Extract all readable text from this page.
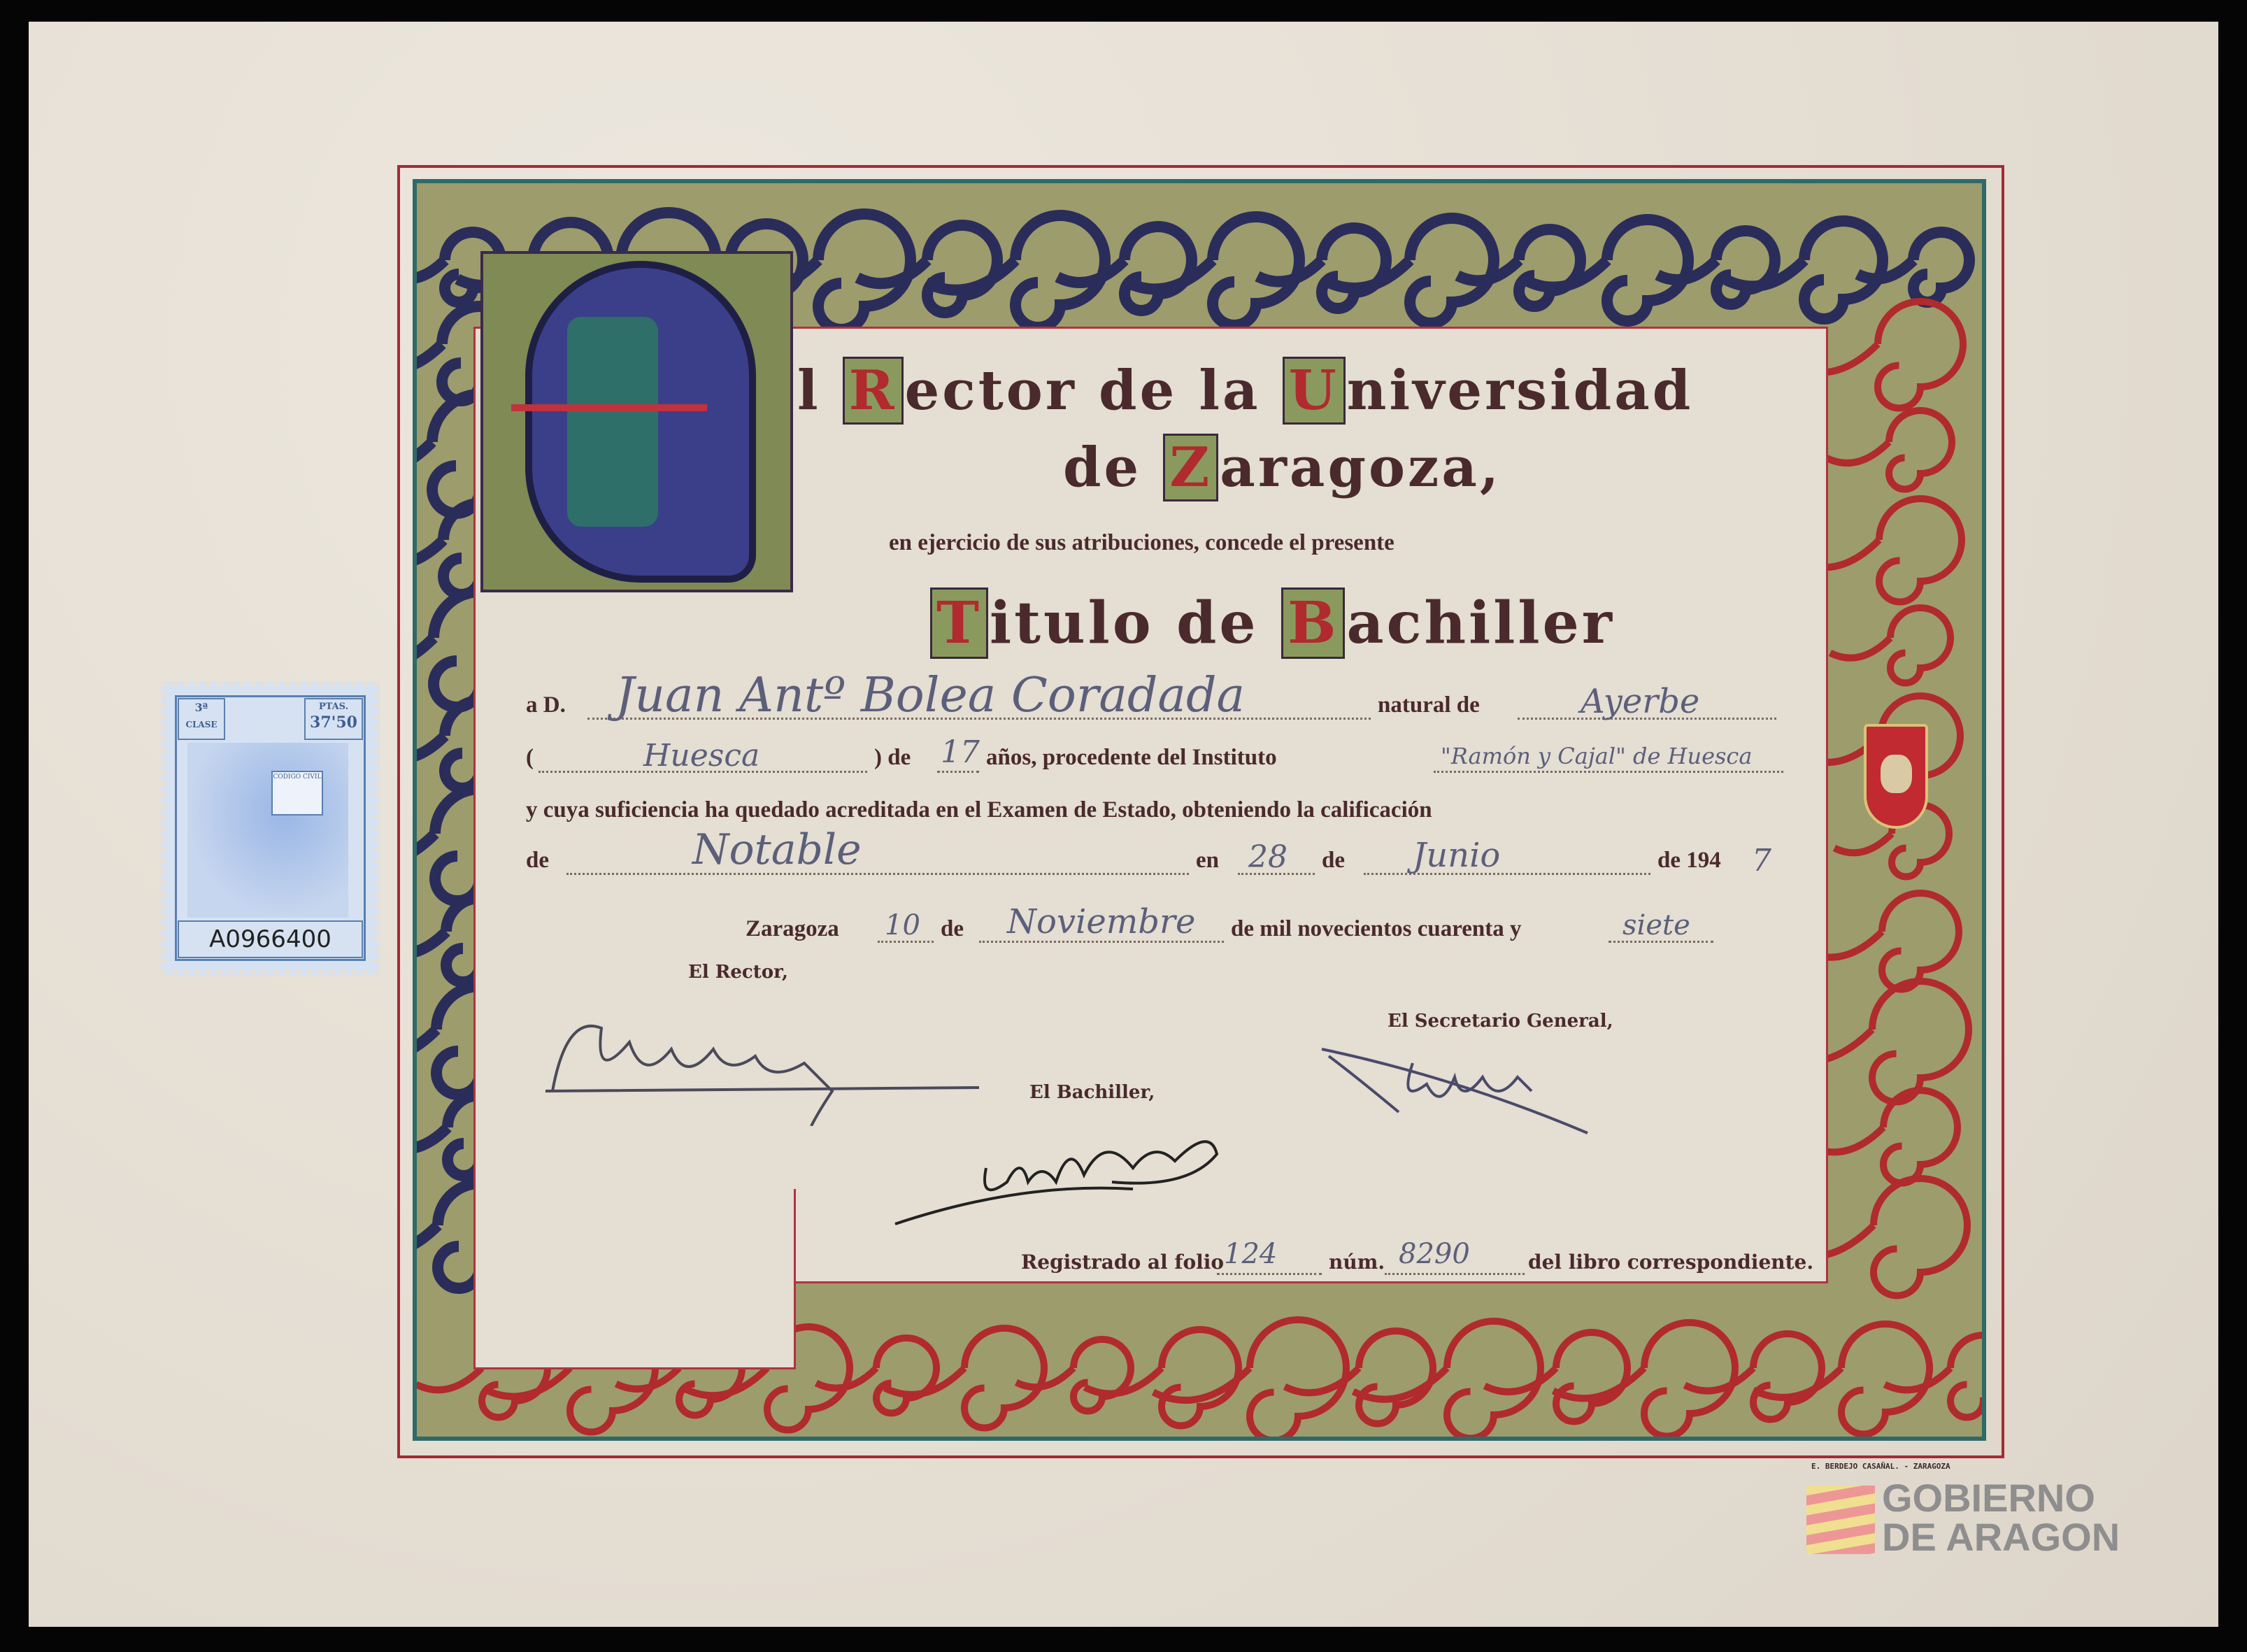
l R ector de la U niversidad
de Z aragoza,
en ejercicio de sus atribuciones, concede el presente
T itulo de B achiller
a D. Juan Antº Bolea Coradada	natural de	Ayerbe
(	Huesca	) de 17 años, procedente del Instituto	"Ramón y Cajal" de Huesca
y cuya suficiencia ha quedado acreditada en el Examen de Estado, obteniendo la calificación
de	Notable	en 28 de Junio	de 194 7
Zaragoza 10 de Noviembre de mil novecientos cuarenta y	siete
El Rector,
El Secretario General,
El Bachiller,
Registrado al folio 124	núm. 8290	del libro correspondiente.
3ª
CLASE
PTAS.
37'50
CODIGO CIVIL
A0966400
E. BERDEJO CASAÑAL. - ZARAGOZA
GOBIERNO
DE ARAGON
